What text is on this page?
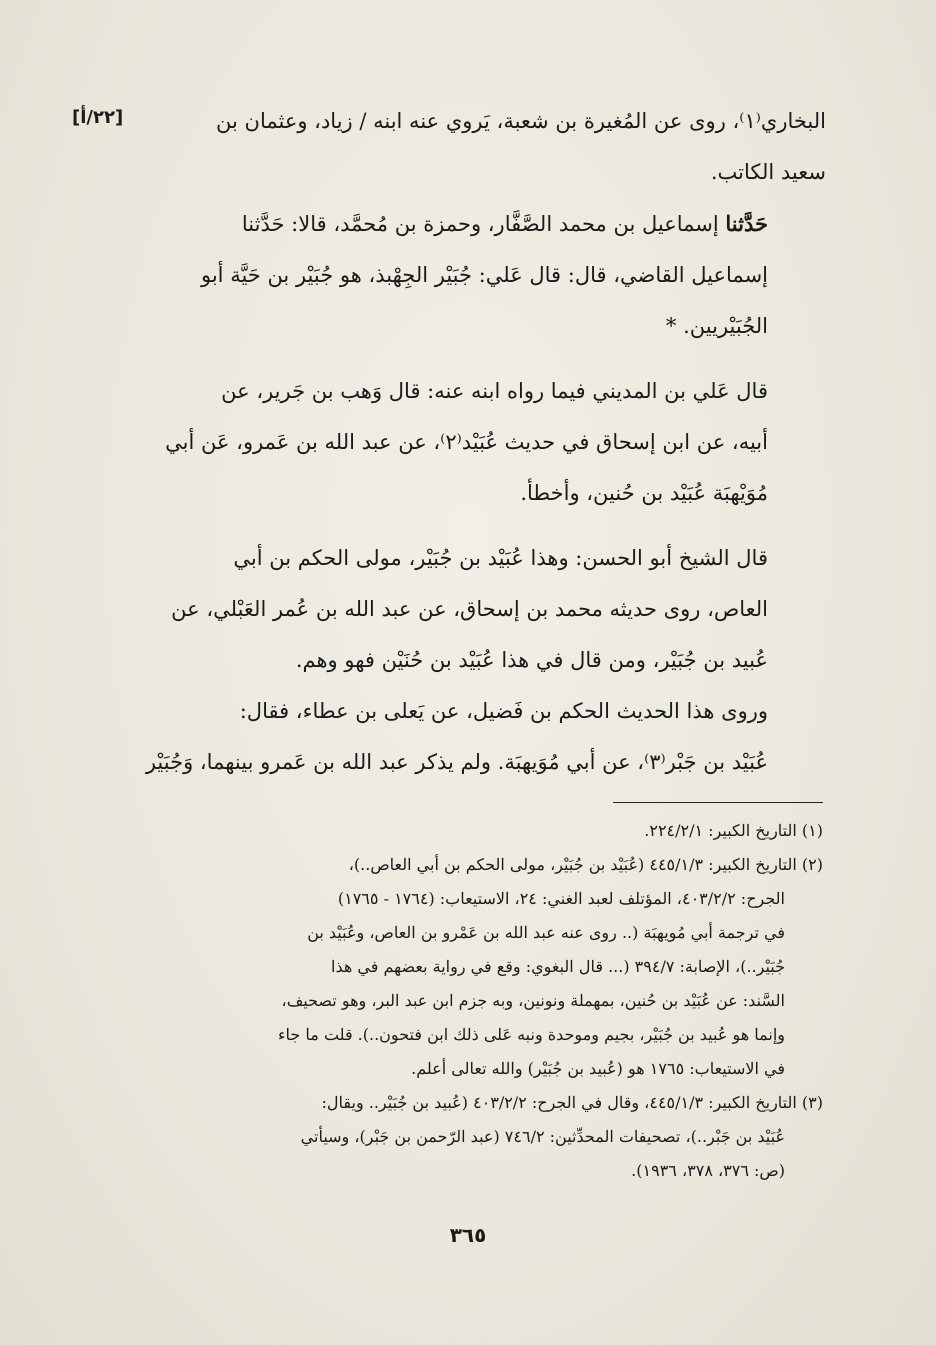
[٢٢/أ]	البخاري⁽١⁾، روى عن المُغيرة بن شعبة، يَروي عنه ابنه / زياد، وعثمان بن
سعيد الكاتب.

حَدَّثنا إسماعيل بن محمد الصَّفَّار، وحمزة بن مُحمَّد، قالا: حَدَّثنا
إسماعيل القاضي، قال: قال عَلي: جُبَيْر الجِهْبذ، هو جُبَيْر بن حَيَّة أبو
الجُبَيْريين. *

قال عَلي بن المديني فيما رواه ابنه عنه: قال وَهب بن جَرير، عن
أبيه، عن ابن إسحاق في حديث عُبَيْد⁽٢⁾، عن عبد الله بن عَمرو، عَن أبي
مُوَيْهبَة عُبَيْد بن حُنين، وأخطأ.

قال الشيخ أبو الحسن: وهذا عُبَيْد بن جُبَيْر، مولى الحكم بن أبي
العاص، روى حديثه محمد بن إسحاق، عن عبد الله بن عُمر العَبْلي، عن
عُبيد بن جُبَيْر، ومن قال في هذا عُبَيْد بن حُنَيْن فهو وهم.

وروى هذا الحديث الحكم بن فَضيل، عن يَعلى بن عطاء، فقال:
عُبَيْد بن جَبْر⁽٣⁾، عن أبي مُوَيهبَة. ولم يذكر عبد الله بن عَمرو بينهما، وَجُبَيْر

(١) التاريخ الكبير: ٢٢٤/٢/١.

(٢) التاريخ الكبير: ٤٤٥/١/٣ (عُبَيْد بن جُبَيْر، مولى الحكم بن أبي العاص..)،
الجرح: ٤٠٣/٢/٢، المؤتلف لعبد الغني: ٢٤، الاستيعاب: (١٧٦٤ - ١٧٦٥)
في ترجمة أبي مُويهبَة (.. روى عنه عبد الله بن عَمْرو بن العاص، وعُبَيْد بن
جُبَيْر..)، الإصابة: ٣٩٤/٧ (... قال البغوي: وقع في رواية بعضهم في هذا
السَّند: عن عُبَيْد بن حُنين، بمهملة ونونين، وبه جزم ابن عبد البر، وهو تصحيف،
وإنما هو عُبيد بن جُبَيْر، بجيم وموحدة ونبه عَلى ذلك ابن فتحون..). قلت ما جاء
في الاستيعاب: ١٧٦٥ هو (عُبيد بن جُبَيْر) والله تعالى أعلم.

(٣) التاريخ الكبير: ٤٤٥/١/٣، وقال في الجرح: ٤٠٣/٢/٢ (عُبيد بن جُبَيْر.. ويقال:
عُبَيْد بن جَبْر..)، تصحيفات المحدِّثين: ٧٤٦/٢ (عبد الرّحمن بن جَبْر)، وسيأتي
(ص: ٣٧٦، ٣٧٨، ١٩٣٦).

٣٦٥
